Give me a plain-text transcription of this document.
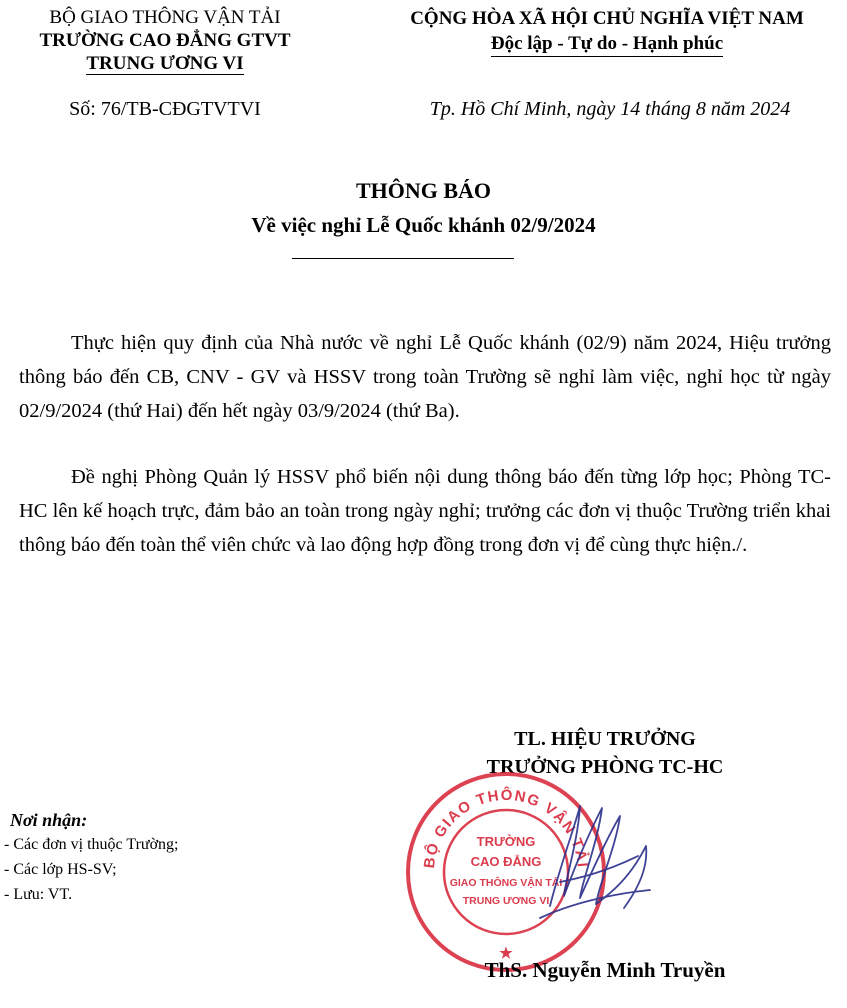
BỘ GIAO THÔNG VẬN TẢI
TRƯỜNG CAO ĐẲNG GTVT
TRUNG ƯƠNG VI
Số: 76/TB-CĐGTVTVI
CỘNG HÒA XÃ HỘI CHỦ NGHĨA VIỆT NAM
Độc lập - Tự do - Hạnh phúc
Tp. Hồ Chí Minh, ngày 14 tháng 8 năm 2024
THÔNG BÁO
Về việc nghỉ Lễ Quốc khánh 02/9/2024

Thực hiện quy định của Nhà nước về nghỉ Lễ Quốc khánh (02/9) năm 2024, Hiệu trưởng thông báo đến CB, CNV - GV và HSSV trong toàn Trường sẽ nghỉ làm việc, nghỉ học từ ngày 02/9/2024 (thứ Hai) đến hết ngày 03/9/2024 (thứ Ba).

Đề nghị Phòng Quản lý HSSV phổ biến nội dung thông báo đến từng lớp học; Phòng TC-HC lên kế hoạch trực, đảm bảo an toàn trong ngày nghỉ; trưởng các đơn vị thuộc Trường triển khai thông báo đến toàn thể viên chức và lao động hợp đồng trong đơn vị để cùng thực hiện./.

TL. HIỆU TRƯỞNG
TRƯỞNG PHÒNG TC-HC
Nơi nhận:
- Các đơn vị thuộc Trường;
- Các lớp HS-SV;
- Lưu: VT.
BỘ GIAO THÔNG VẬN TẢI
TRƯỜNG
CAO ĐẲNG
GIAO THÔNG VẬN TẢI
TRUNG ƯƠNG VI
★
ThS. Nguyễn Minh Truyền
